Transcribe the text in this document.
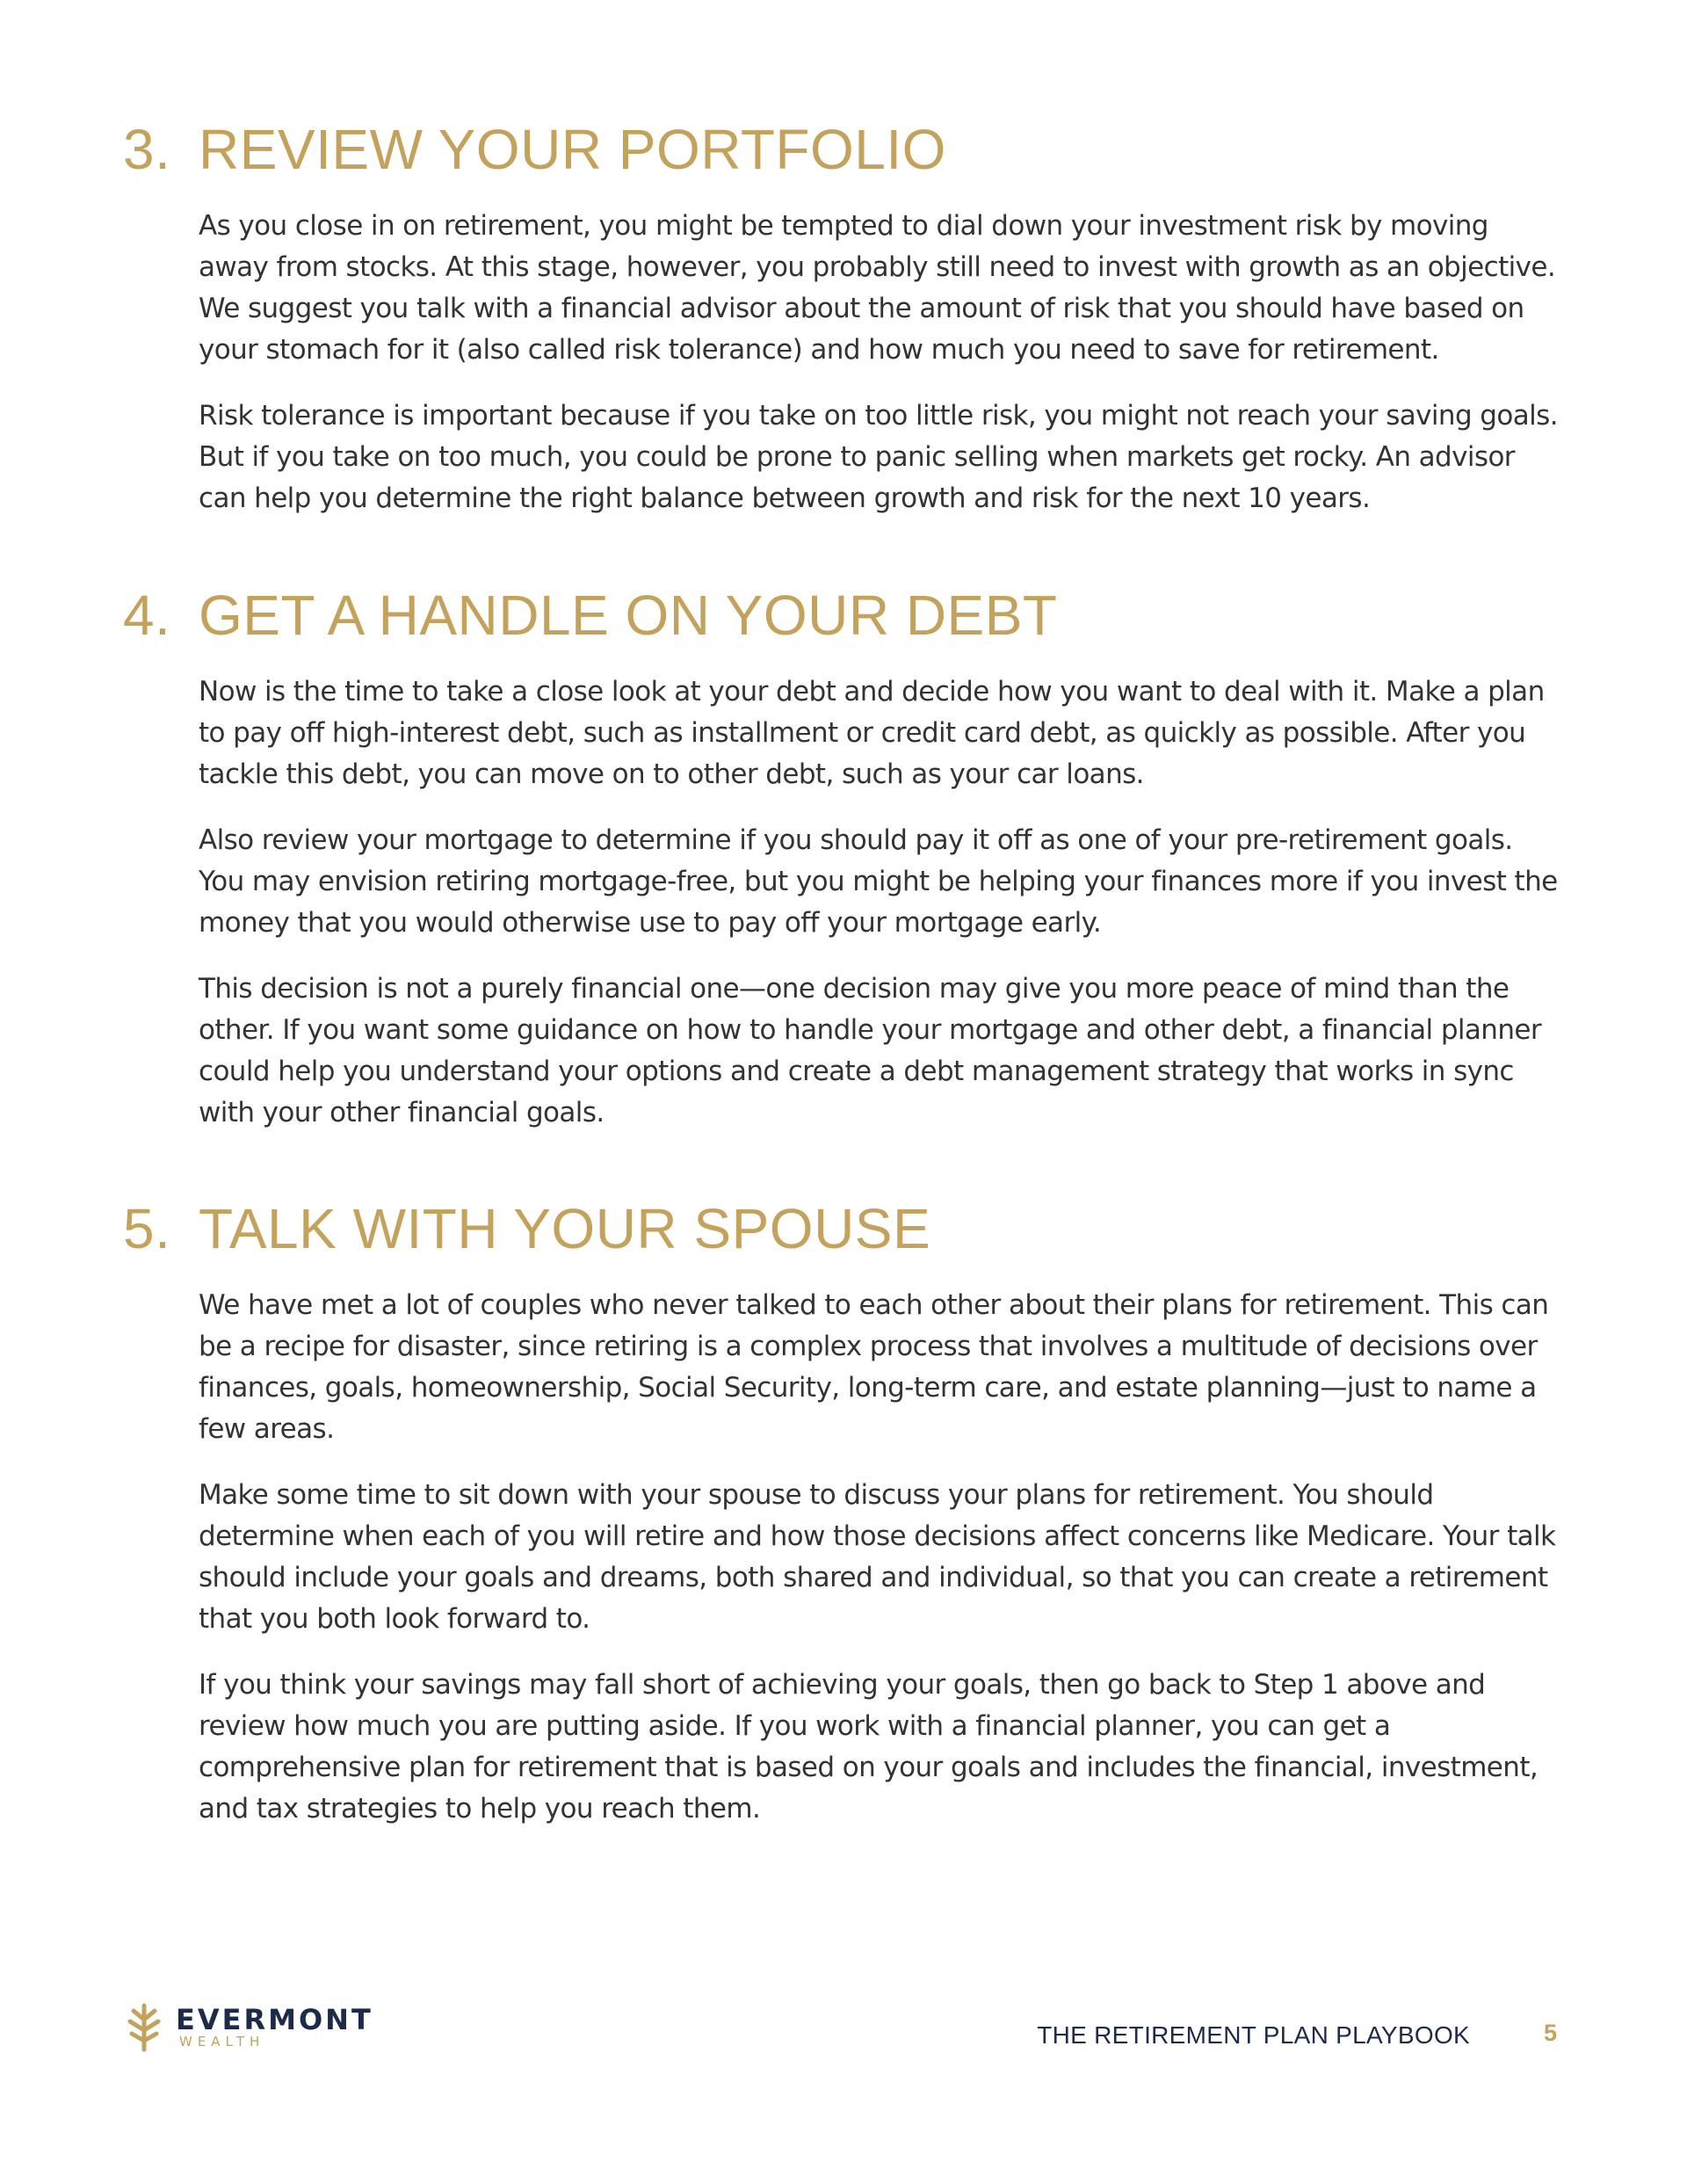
3. REVIEW YOUR PORTFOLIO

As you close in on retirement, you might be tempted to dial down your investment risk by moving away from stocks. At this stage, however, you probably still need to invest with growth as an objective. We suggest you talk with a financial advisor about the amount of risk that you should have based on your stomach for it (also called risk tolerance) and how much you need to save for retirement.

Risk tolerance is important because if you take on too little risk, you might not reach your saving goals. But if you take on too much, you could be prone to panic selling when markets get rocky. An advisor can help you determine the right balance between growth and risk for the next 10 years.

4. GET A HANDLE ON YOUR DEBT

Now is the time to take a close look at your debt and decide how you want to deal with it. Make a plan to pay off high-interest debt, such as installment or credit card debt, as quickly as possible. After you tackle this debt, you can move on to other debt, such as your car loans.

Also review your mortgage to determine if you should pay it off as one of your pre-retirement goals. You may envision retiring mortgage-free, but you might be helping your finances more if you invest the money that you would otherwise use to pay off your mortgage early.

This decision is not a purely financial one—one decision may give you more peace of mind than the other. If you want some guidance on how to handle your mortgage and other debt, a financial planner could help you understand your options and create a debt management strategy that works in sync with your other financial goals.

5. TALK WITH YOUR SPOUSE

We have met a lot of couples who never talked to each other about their plans for retirement. This can be a recipe for disaster, since retiring is a complex process that involves a multitude of decisions over finances, goals, homeownership, Social Security, long-term care, and estate planning—just to name a few areas.

Make some time to sit down with your spouse to discuss your plans for retirement. You should determine when each of you will retire and how those decisions affect concerns like Medicare. Your talk should include your goals and dreams, both shared and individual, so that you can create a retirement that you both look forward to.

If you think your savings may fall short of achieving your goals, then go back to Step 1 above and review how much you are putting aside. If you work with a financial planner, you can get a comprehensive plan for retirement that is based on your goals and includes the financial, investment, and tax strategies to help you reach them.

EVERMONT
WEALTH	THE RETIREMENT PLAN PLAYBOOK	5
